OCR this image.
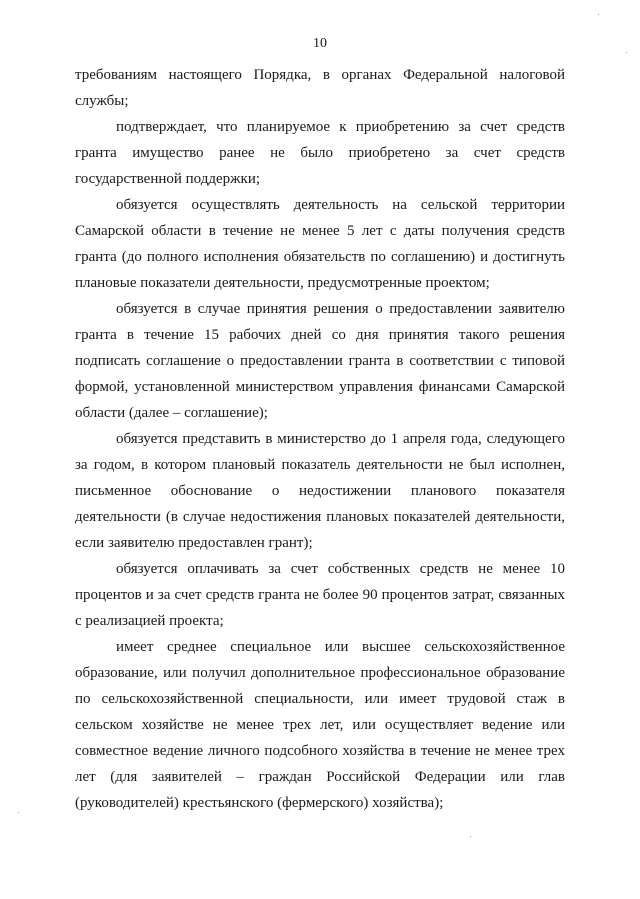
10

требованиям настоящего Порядка, в органах Федеральной налоговой службы;

подтверждает, что планируемое к приобретению за счет средств гранта имущество ранее не было приобретено за счет средств государственной поддержки;

обязуется осуществлять деятельность на сельской территории Самарской области в течение не менее 5 лет с даты получения средств гранта (до полного исполнения обязательств по соглашению) и достигнуть плановые показатели деятельности, предусмотренные проектом;

обязуется в случае принятия решения о предоставлении заявителю гранта в течение 15 рабочих дней со дня принятия такого решения подписать соглашение о предоставлении гранта в соответствии с типовой формой, установленной министерством управления финансами Самарской области (далее – соглашение);

обязуется представить в министерство до 1 апреля года, следующего за годом, в котором плановый показатель деятельности не был исполнен, письменное обоснование о недостижении планового показателя деятельности (в случае недостижения плановых показателей деятельности, если заявителю предоставлен грант);

обязуется оплачивать за счет собственных средств не менее 10 процентов и за счет средств гранта не более 90 процентов затрат, связанных с реализацией проекта;

имеет среднее специальное или высшее сельскохозяйственное образование, или получил дополнительное профессиональное образование по сельскохозяйственной специальности, или имеет трудовой стаж в сельском хозяйстве не менее трех лет, или осуществляет ведение или совместное ведение личного подсобного хозяйства в течение не менее трех лет (для заявителей – граждан Российской Федерации или глав (руководителей) крестьянского (фермерского) хозяйства);
